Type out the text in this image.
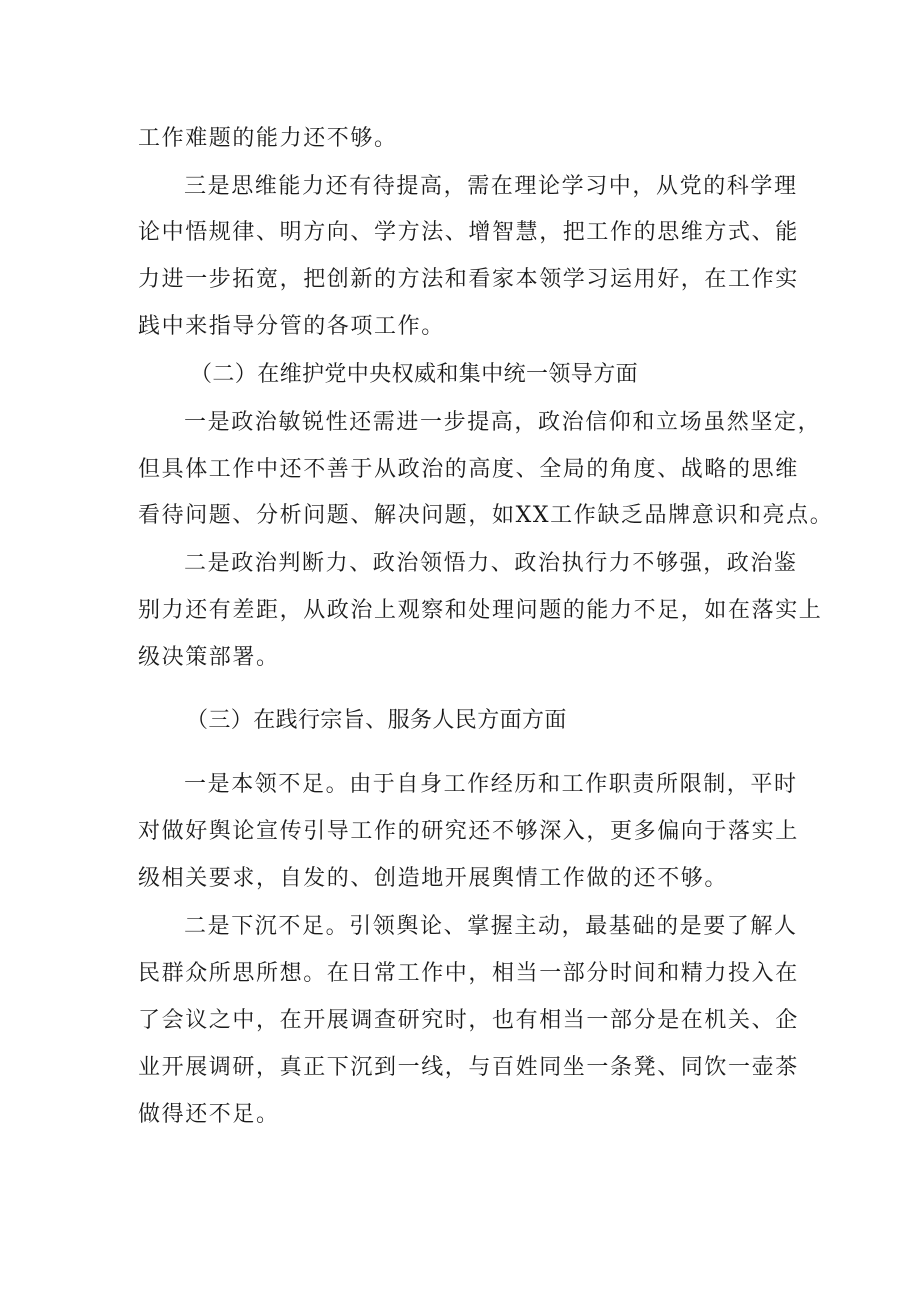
工作难题的能力还不够。
三是思维能力还有待提高，需在理论学习中，从党的科学理
论中悟规律、明方向、学方法、增智慧，把工作的思维方式、能
力进一步拓宽，把创新的方法和看家本领学习运用好，在工作实
践中来指导分管的各项工作。
（二）在维护党中央权威和集中统一领导方面
一是政治敏锐性还需进一步提高，政治信仰和立场虽然坚定，
但具体工作中还不善于从政治的高度、全局的角度、战略的思维
看待问题、分析问题、解决问题，如XX工作缺乏品牌意识和亮点。
二是政治判断力、政治领悟力、政治执行力不够强，政治鉴
别力还有差距，从政治上观察和处理问题的能力不足，如在落实上
级决策部署。
（三）在践行宗旨、服务人民方面方面
一是本领不足。由于自身工作经历和工作职责所限制，平时
对做好舆论宣传引导工作的研究还不够深入，更多偏向于落实上
级相关要求，自发的、创造地开展舆情工作做的还不够。
二是下沉不足。引领舆论、掌握主动，最基础的是要了解人
民群众所思所想。在日常工作中，相当一部分时间和精力投入在
了会议之中，在开展调查研究时，也有相当一部分是在机关、企
业开展调研，真正下沉到一线，与百姓同坐一条凳、同饮一壶茶
做得还不足。
